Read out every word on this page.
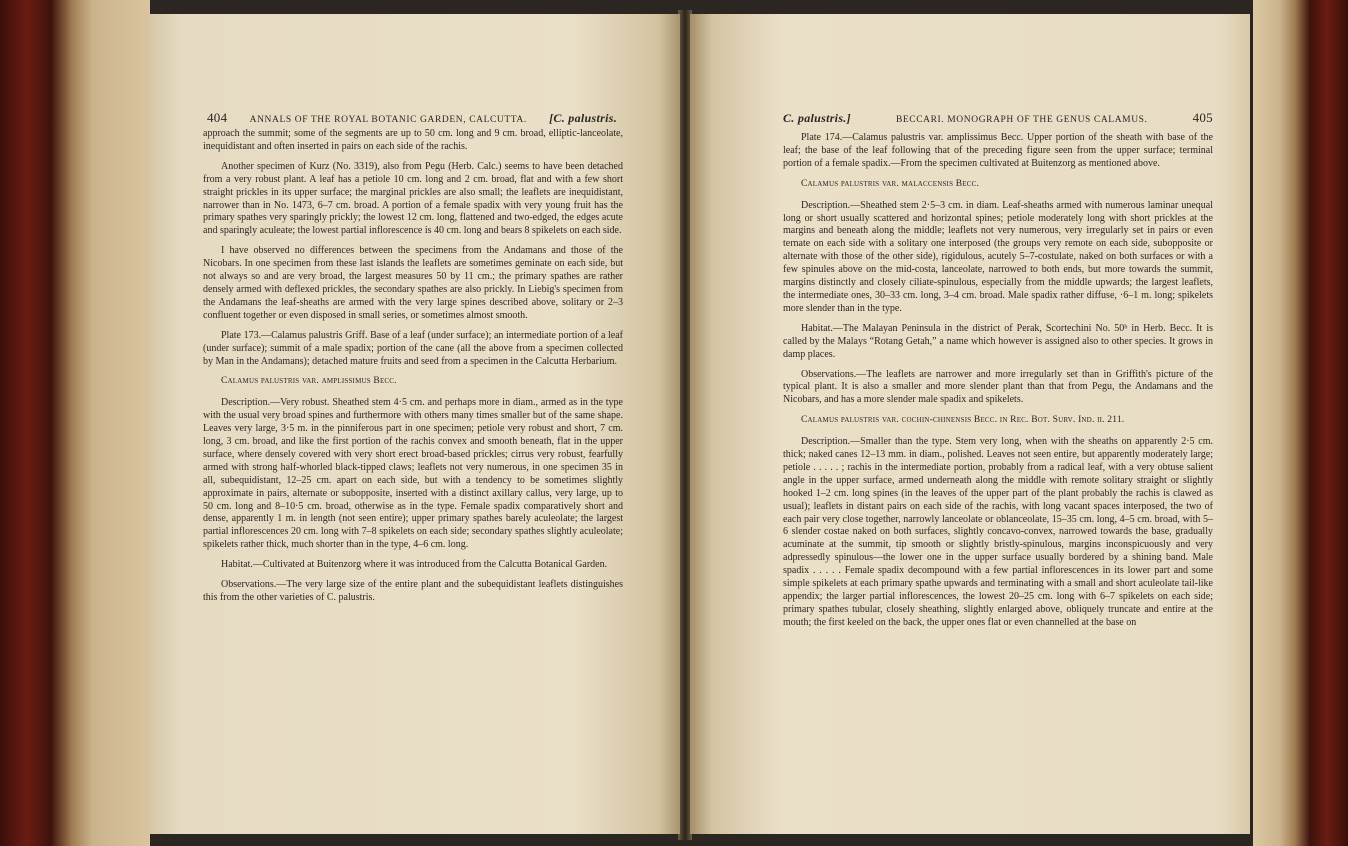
404 ANNALS OF THE ROYAL BOTANIC GARDEN, CALCUTTA. [C. palustris.

approach the summit; some of the segments are up to 50 cm. long and 9 cm. broad, elliptic-lanceolate, inequidistant and often inserted in pairs on each side of the rachis.

Another specimen of Kurz (No. 3319), also from Pegu (Herb. Calc.) seems to have been detached from a very robust plant. A leaf has a petiole 10 cm. long and 2 cm. broad, flat and with a few short straight prickles in its upper surface; the marginal prickles are also small; the leaflets are inequidistant, narrower than in No. 1473, 6–7 cm. broad. A portion of a female spadix with very young fruit has the primary spathes very sparingly prickly; the lowest 12 cm. long, flattened and two-edged, the edges acute and sparingly aculeate; the lowest partial inflorescence is 40 cm. long and bears 8 spikelets on each side.

I have observed no differences between the specimens from the Andamans and those of the Nicobars. In one specimen from these last islands the leaflets are sometimes geminate on each side, but not always so and are very broad, the largest measures 50 by 11 cm.; the primary spathes are rather densely armed with deflexed prickles, the secondary spathes are also prickly. In Liebig's specimen from the Andamans the leaf-sheaths are armed with the very large spines described above, solitary or 2–3 confluent together or even disposed in small series, or sometimes almost smooth.

Plate 173.—Calamus palustris Griff. Base of a leaf (under surface); an intermediate portion of a leaf (under surface); summit of a male spadix; portion of the cane (all the above from a specimen collected by Man in the Andamans); detached mature fruits and seed from a specimen in the Calcutta Herbarium.

Calamus palustris var. amplissimus Becc.

Description.—Very robust. Sheathed stem 4·5 cm. and perhaps more in diam., armed as in the type with the usual very broad spines and furthermore with others many times smaller but of the same shape. Leaves very large, 3·5 m. in the pinniferous part in one specimen; petiole very robust and short, 7 cm. long, 3 cm. broad, and like the first portion of the rachis convex and smooth beneath, flat in the upper surface, where densely covered with very short erect broad-based prickles; cirrus very robust, fearfully armed with strong half-whorled black-tipped claws; leaflets not very numerous, in one specimen 35 in all, subequidistant, 12–25 cm. apart on each side, but with a tendency to be sometimes slightly approximate in pairs, alternate or subopposite, inserted with a distinct axillary callus, very large, up to 50 cm. long and 8–10·5 cm. broad, otherwise as in the type. Female spadix comparatively short and dense, apparently 1 m. in length (not seen entire); upper primary spathes barely aculeolate; the largest partial inflorescences 20 cm. long with 7–8 spikelets on each side; secondary spathes slightly aculeolate; spikelets rather thick, much shorter than in the type, 4–6 cm. long.

Habitat.—Cultivated at Buitenzorg where it was introduced from the Calcutta Botanical Garden.

Observations.—The very large size of the entire plant and the subequidistant leaflets distinguishes this from the other varieties of C. palustris.

C. palustris.]	BECCARI. MONOGRAPH OF THE GENUS CALAMUS.	405

Plate 174.—Calamus palustris var. amplissimus Becc. Upper portion of the sheath with base of the leaf; the base of the leaf following that of the preceding figure seen from the upper surface; terminal portion of a female spadix.—From the specimen cultivated at Buitenzorg as mentioned above.

Calamus palustris var. malaccensis Becc.

Description.—Sheathed stem 2·5–3 cm. in diam. Leaf-sheaths armed with numerous laminar unequal long or short usually scattered and horizontal spines; petiole moderately long with short prickles at the margins and beneath along the middle; leaflets not very numerous, very irregularly set in pairs or even ternate on each side with a solitary one interposed (the groups very remote on each side, subopposite or alternate with those of the other side), rigidulous, acutely 5–7-costulate, naked on both surfaces or with a few spinules above on the mid-costa, lanceolate, narrowed to both ends, but more towards the summit, margins distinctly and closely ciliate-spinulous, especially from the middle upwards; the largest leaflets, the intermediate ones, 30–33 cm. long, 3–4 cm. broad. Male spadix rather diffuse, ·6–1 m. long; spikelets more slender than in the type.

Habitat.—The Malayan Peninsula in the district of Perak, Scortechini No. 50ᵇ in Herb. Becc. It is called by the Malays “Rotang Getah,” a name which however is assigned also to other species. It grows in damp places.

Observations.—The leaflets are narrower and more irregularly set than in Griffith's picture of the typical plant. It is also a smaller and more slender plant than that from Pegu, the Andamans and the Nicobars, and has a more slender male spadix and spikelets.

Calamus palustris var. cochin-chinensis Becc. in Rec. Bot. Surv. Ind. ii. 211.

Description.—Smaller than the type. Stem very long, when with the sheaths on apparently 2·5 cm. thick; naked canes 12–13 mm. in diam., polished. Leaves not seen entire, but apparently moderately large; petiole . . . . . ; rachis in the intermediate portion, probably from a radical leaf, with a very obtuse salient angle in the upper surface, armed underneath along the middle with remote solitary straight or slightly hooked 1–2 cm. long spines (in the leaves of the upper part of the plant probably the rachis is clawed as usual); leaflets in distant pairs on each side of the rachis, with long vacant spaces interposed, the two of each pair very close together, narrowly lanceolate or oblanceolate, 15–35 cm. long, 4–5 cm. broad, with 5–6 slender costae naked on both surfaces, slightly concavo-convex, narrowed towards the base, gradually acuminate at the summit, tip smooth or slightly bristly-spinulous, margins inconspicuously and very adpressedly spinulous—the lower one in the upper surface usually bordered by a shining band. Male spadix . . . . . Female spadix decompound with a few partial inflorescences in its lower part and some simple spikelets at each primary spathe upwards and terminating with a small and short aculeolate tail-like appendix; the larger partial inflorescences, the lowest 20–25 cm. long with 6–7 spikelets on each side; primary spathes tubular, closely sheathing, slightly enlarged above, obliquely truncate and entire at the mouth; the first keeled on the back, the upper ones flat or even channelled at the base on
